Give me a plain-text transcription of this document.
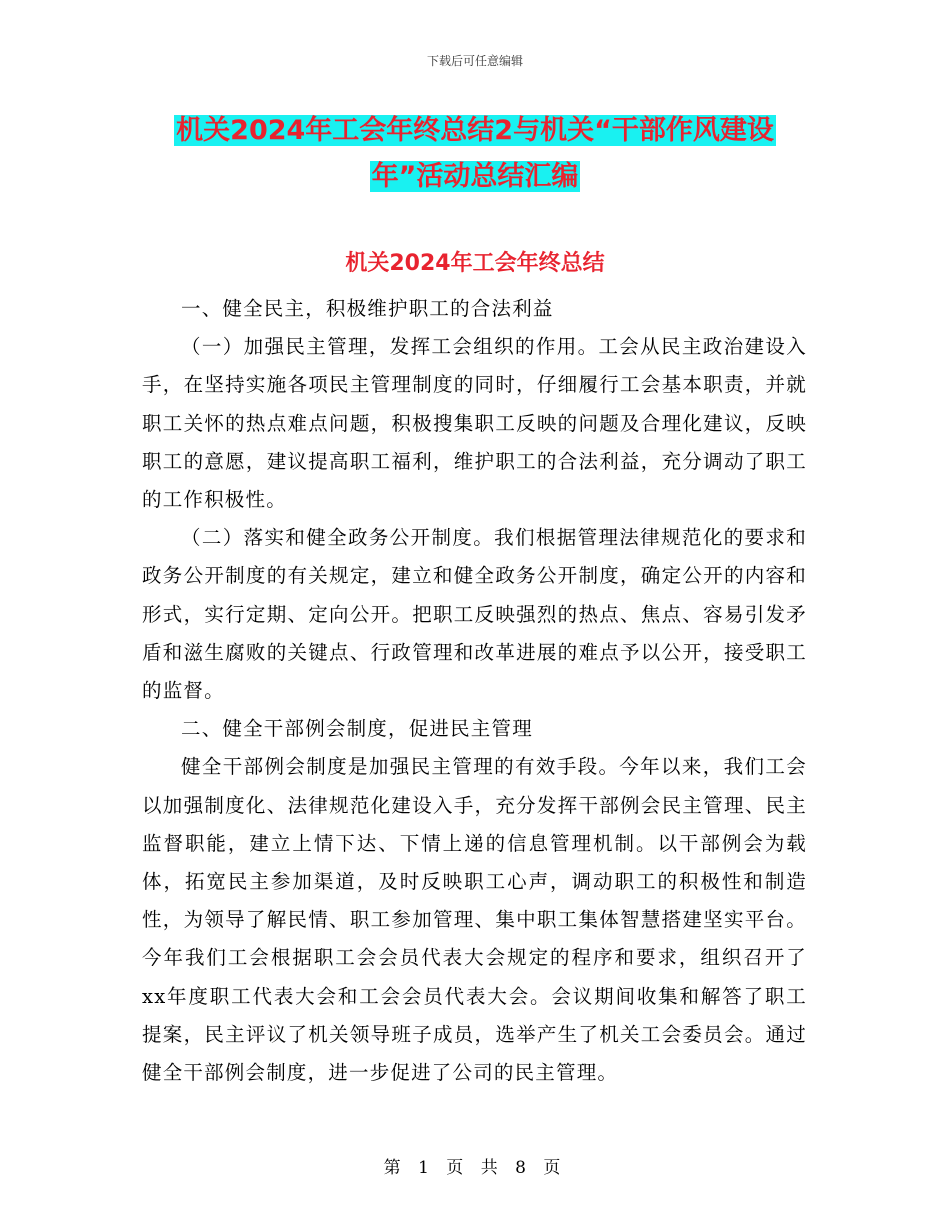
下载后可任意编辑
机关2024年工会年终总结2与机关“干部作风建设年”活动总结汇编
机关2024年工会年终总结

一、健全民主，积极维护职工的合法利益

（一）加强民主管理，发挥工会组织的作用。工会从民主政治建设入手，在坚持实施各项民主管理制度的同时，仔细履行工会基本职责，并就职工关怀的热点难点问题，积极搜集职工反映的问题及合理化建议，反映职工的意愿，建议提高职工福利，维护职工的合法利益，充分调动了职工的工作积极性。

（二）落实和健全政务公开制度。我们根据管理法律规范化的要求和政务公开制度的有关规定，建立和健全政务公开制度，确定公开的内容和形式，实行定期、定向公开。把职工反映强烈的热点、焦点、容易引发矛盾和滋生腐败的关键点、行政管理和改革进展的难点予以公开，接受职工的监督。

二、健全干部例会制度，促进民主管理

健全干部例会制度是加强民主管理的有效手段。今年以来，我们工会以加强制度化、法律规范化建设入手，充分发挥干部例会民主管理、民主监督职能，建立上情下达、下情上递的信息管理机制。以干部例会为载体，拓宽民主参加渠道，及时反映职工心声，调动职工的积极性和制造性，为领导了解民情、职工参加管理、集中职工集体智慧搭建坚实平台。今年我们工会根据职工会会员代表大会规定的程序和要求，组织召开了xx年度职工代表大会和工会会员代表大会。会议期间收集和解答了职工提案，民主评议了机关领导班子成员，选举产生了机关工会委员会。通过健全干部例会制度，进一步促进了公司的民主管理。

第 1 页 共 8 页
